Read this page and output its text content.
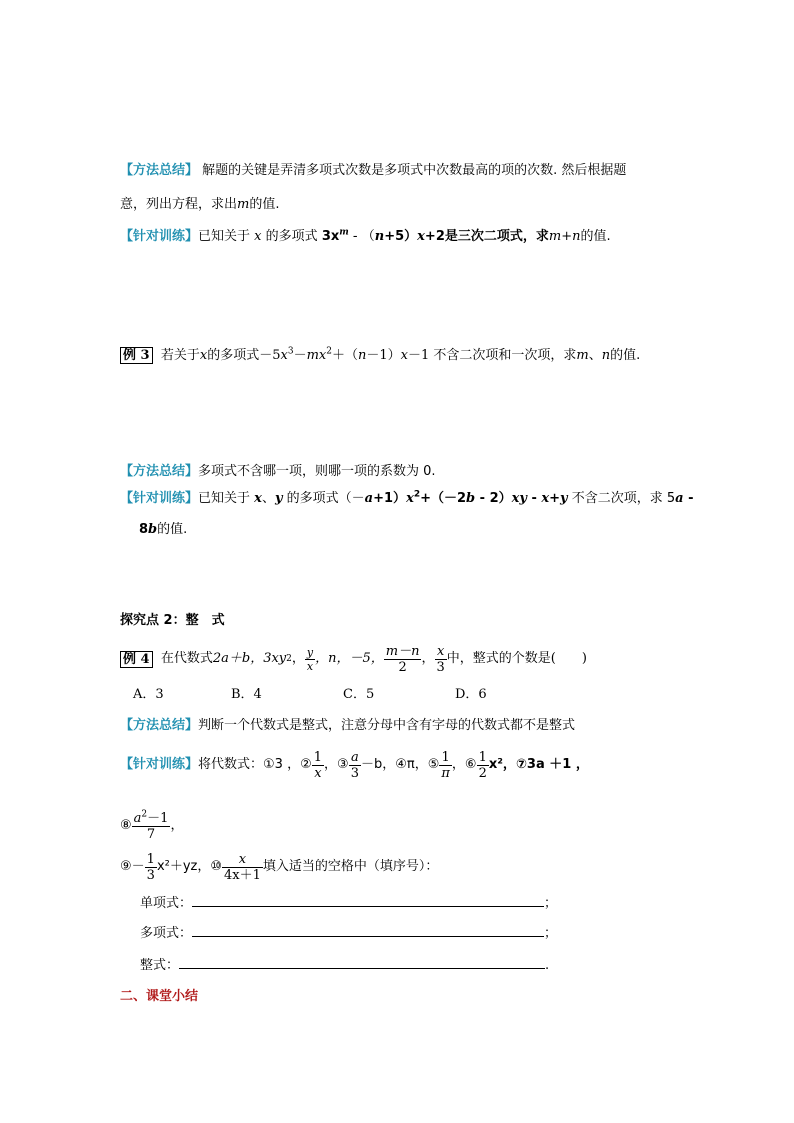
【方法总结】 解题的关键是弄清多项式次数是多项式中次数最高的项的次数. 然后根据题
意，列出方程，求出m的值.
【针对训练】已知关于 x 的多项式 $3x^m - (n+5)x+2$是三次二项式，求m+n的值.
例 3 若关于x的多项式$-5x^3-mx^2+(n-1)x-1$ 不含二次项和一次项，求m、n的值.
【方法总结】多项式不含哪一项，则哪一项的系数为 0.
【针对训练】已知关于 x、y 的多项式$(-a+1)x^2+(-2b - 2)xy - x+y$ 不含二次项，求 5a -
8b的值.
探究点 2：整　式
例 4
在代数式 2a＋b，3xy 2 ， $\frac{y}{x}$ ，n，－5， $\frac{m-n}{2}$ ， $\frac{x}{3}$ 中，整式的个数是(　　)
A．3	B．4	C．5	D．6
【方法总结】判断一个代数式是整式，注意分母中含有字母的代数式都不是整式
【针对训练】 将代数式： ①3 ，② $\frac{1}{x}$ ，③ $\frac{a}{3} -b$，④π，⑤ $\frac{1}{\pi}$ ，⑥ $\frac{1}{2} x^2$，⑦3a ＋1 ，
⑧ $\frac{a^2-1}{7}$ ，
⑨－ $\frac{1}{3} x^2+yz$，⑩ $\frac{x}{4x+1}$ 填入适当的空格中（填序号）：
单项式：	；
多项式：	；
整式：	.
二、课堂小结
